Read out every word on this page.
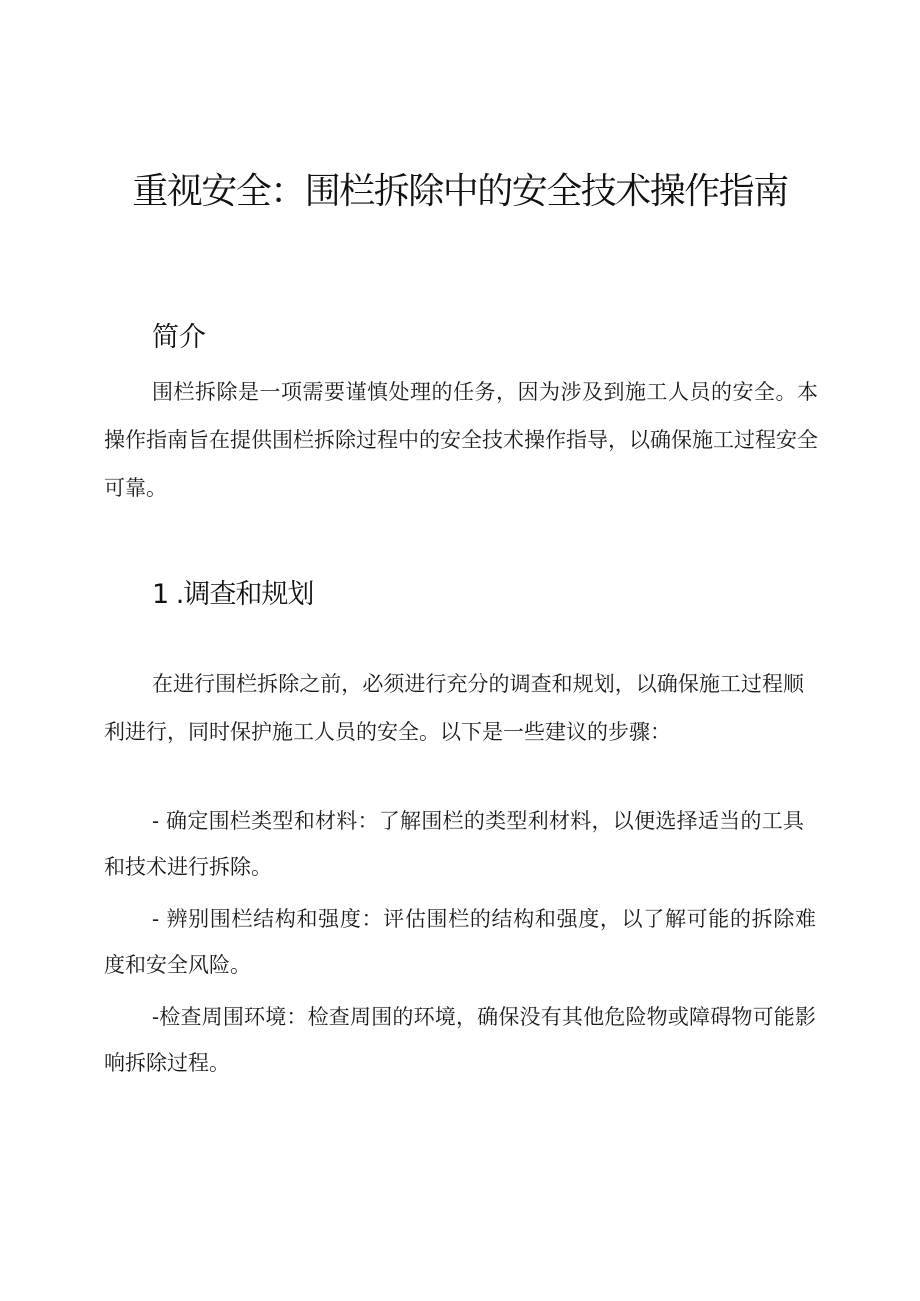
重视安全：围栏拆除中的安全技术操作指南
简介

围栏拆除是一项需要谨慎处理的任务，因为涉及到施工人员的安全。本操作指南旨在提供围栏拆除过程中的安全技术操作指导，以确保施工过程安全可靠。

1 .调查和规划

在进行围栏拆除之前，必须进行充分的调查和规划，以确保施工过程顺利进行，同时保护施工人员的安全。以下是一些建议的步骤：

- 确定围栏类型和材料：了解围栏的类型利材料，以便选择适当的工具和技术进行拆除。

- 辨别围栏结构和强度：评估围栏的结构和强度，以了解可能的拆除难度和安全风险。

-检查周围环境：检查周围的环境，确保没有其他危险物或障碍物可能影响拆除过程。
